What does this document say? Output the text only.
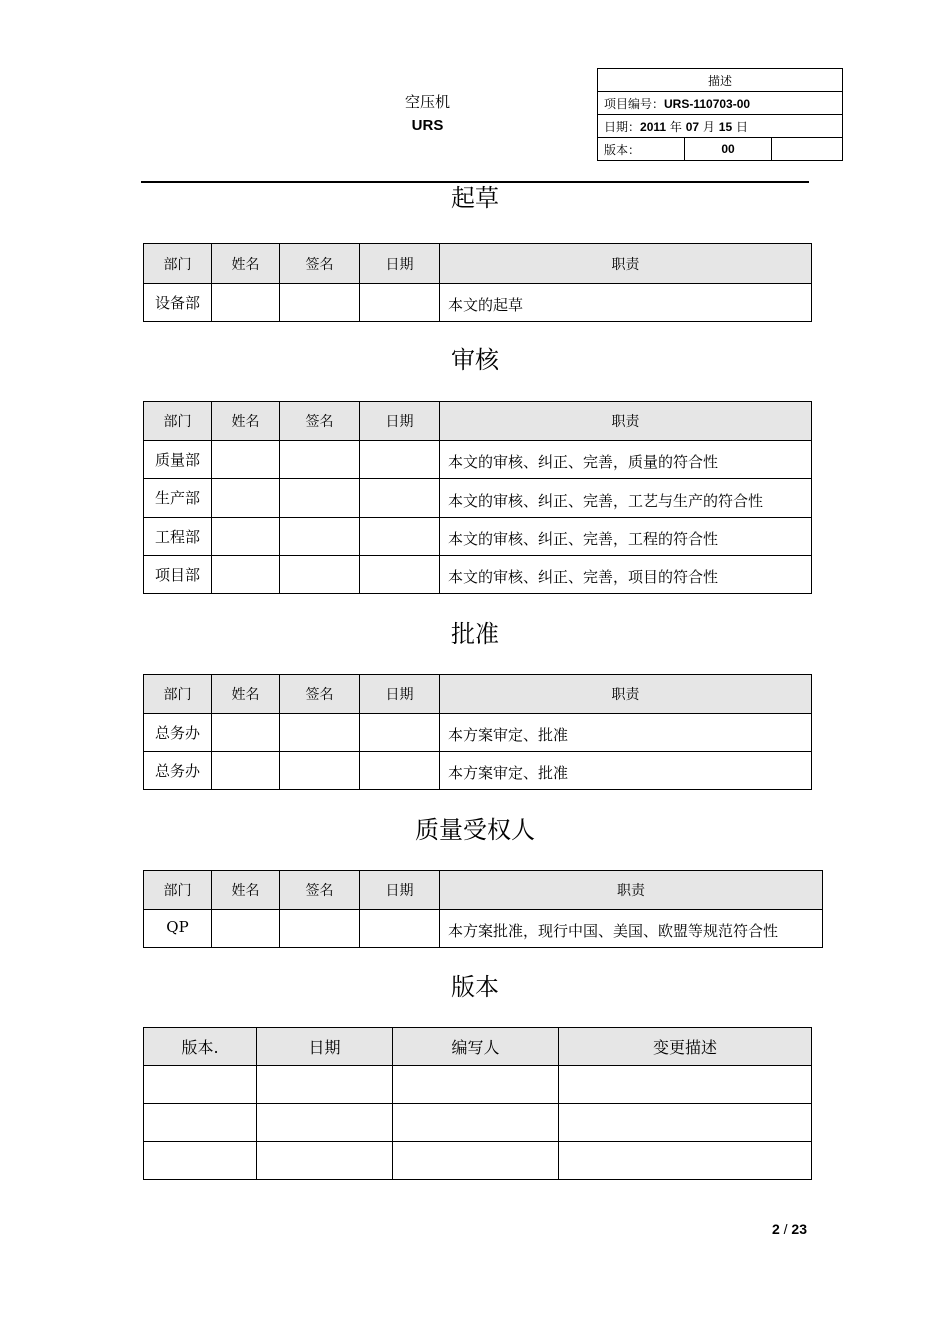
空压机
URS
描述
项目编号：URS-110703-00
日期：2011 年 07 月 15 日
版本：	00	
起草
部门	姓名	签名	日期	职责
设备部				本文的起草
审核
部门	姓名	签名	日期	职责
质量部				本文的审核、纠正、完善，质量的符合性
生产部				本文的审核、纠正、完善，工艺与生产的符合性
工程部				本文的审核、纠正、完善，工程的符合性
项目部				本文的审核、纠正、完善，项目的符合性
批准
部门	姓名	签名	日期	职责
总务办				本方案审定、批准
总务办				本方案审定、批准
质量受权人
部门	姓名	签名	日期	职责
QP				本方案批准，现行中国、美国、欧盟等规范符合性
版本
版本.	日期	编写人	变更描述

2 / 23
